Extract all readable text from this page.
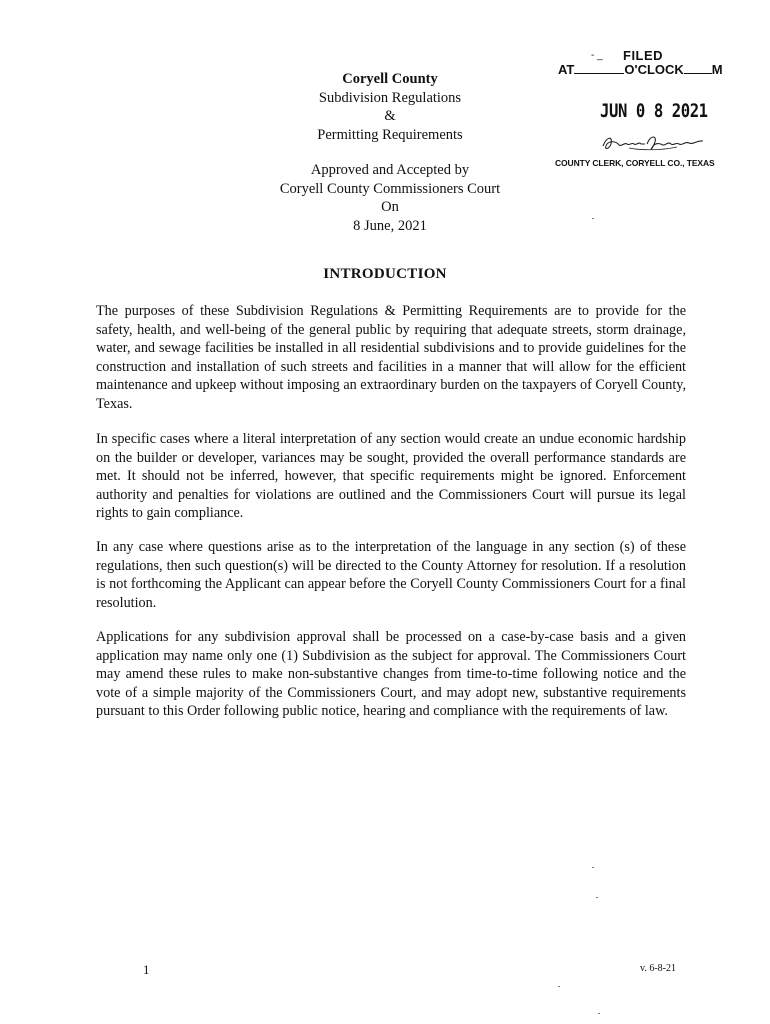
Coryell County
Subdivision Regulations
&
Permitting Requirements
Approved and Accepted by
Coryell County Commissioners Court
On
8 June, 2021
- _ FILED
AT	O'CLOCK M
JUN 0 8 2021
COUNTY CLERK, CORYELL CO., TEXAS
INTRODUCTION
The purposes of these Subdivision Regulations & Permitting Requirements are to provide for the safety, health, and well-being of the general public by requiring that adequate streets, storm drainage, water, and sewage facilities be installed in all residential subdivisions and to provide guidelines for the construction and installation of such streets and facilities in a manner that will allow for the efficient maintenance and upkeep without imposing an extraordinary burden on the taxpayers of Coryell County, Texas.
In specific cases where a literal interpretation of any section would create an undue economic hardship on the builder or developer, variances may be sought, provided the overall performance standards are met. It should not be inferred, however, that specific requirements might be ignored. Enforcement authority and penalties for violations are outlined and the Commissioners Court will pursue its legal rights to gain compliance.
In any case where questions arise as to the interpretation of the language in any section (s) of these regulations, then such question(s) will be directed to the County Attorney for resolution. If a resolution is not forthcoming the Applicant can appear before the Coryell County Commissioners Court for a final resolution.
Applications for any subdivision approval shall be processed on a case-by-case basis and a given application may name only one (1) Subdivision as the subject for approval. The Commissioners Court may amend these rules to make non-substantive changes from time-to-time following notice and the vote of a simple majority of the Commissioners Court, and may adopt new, substantive requirements pursuant to this Order following public notice, hearing and compliance with the requirements of law.
1	v. 6-8-21
